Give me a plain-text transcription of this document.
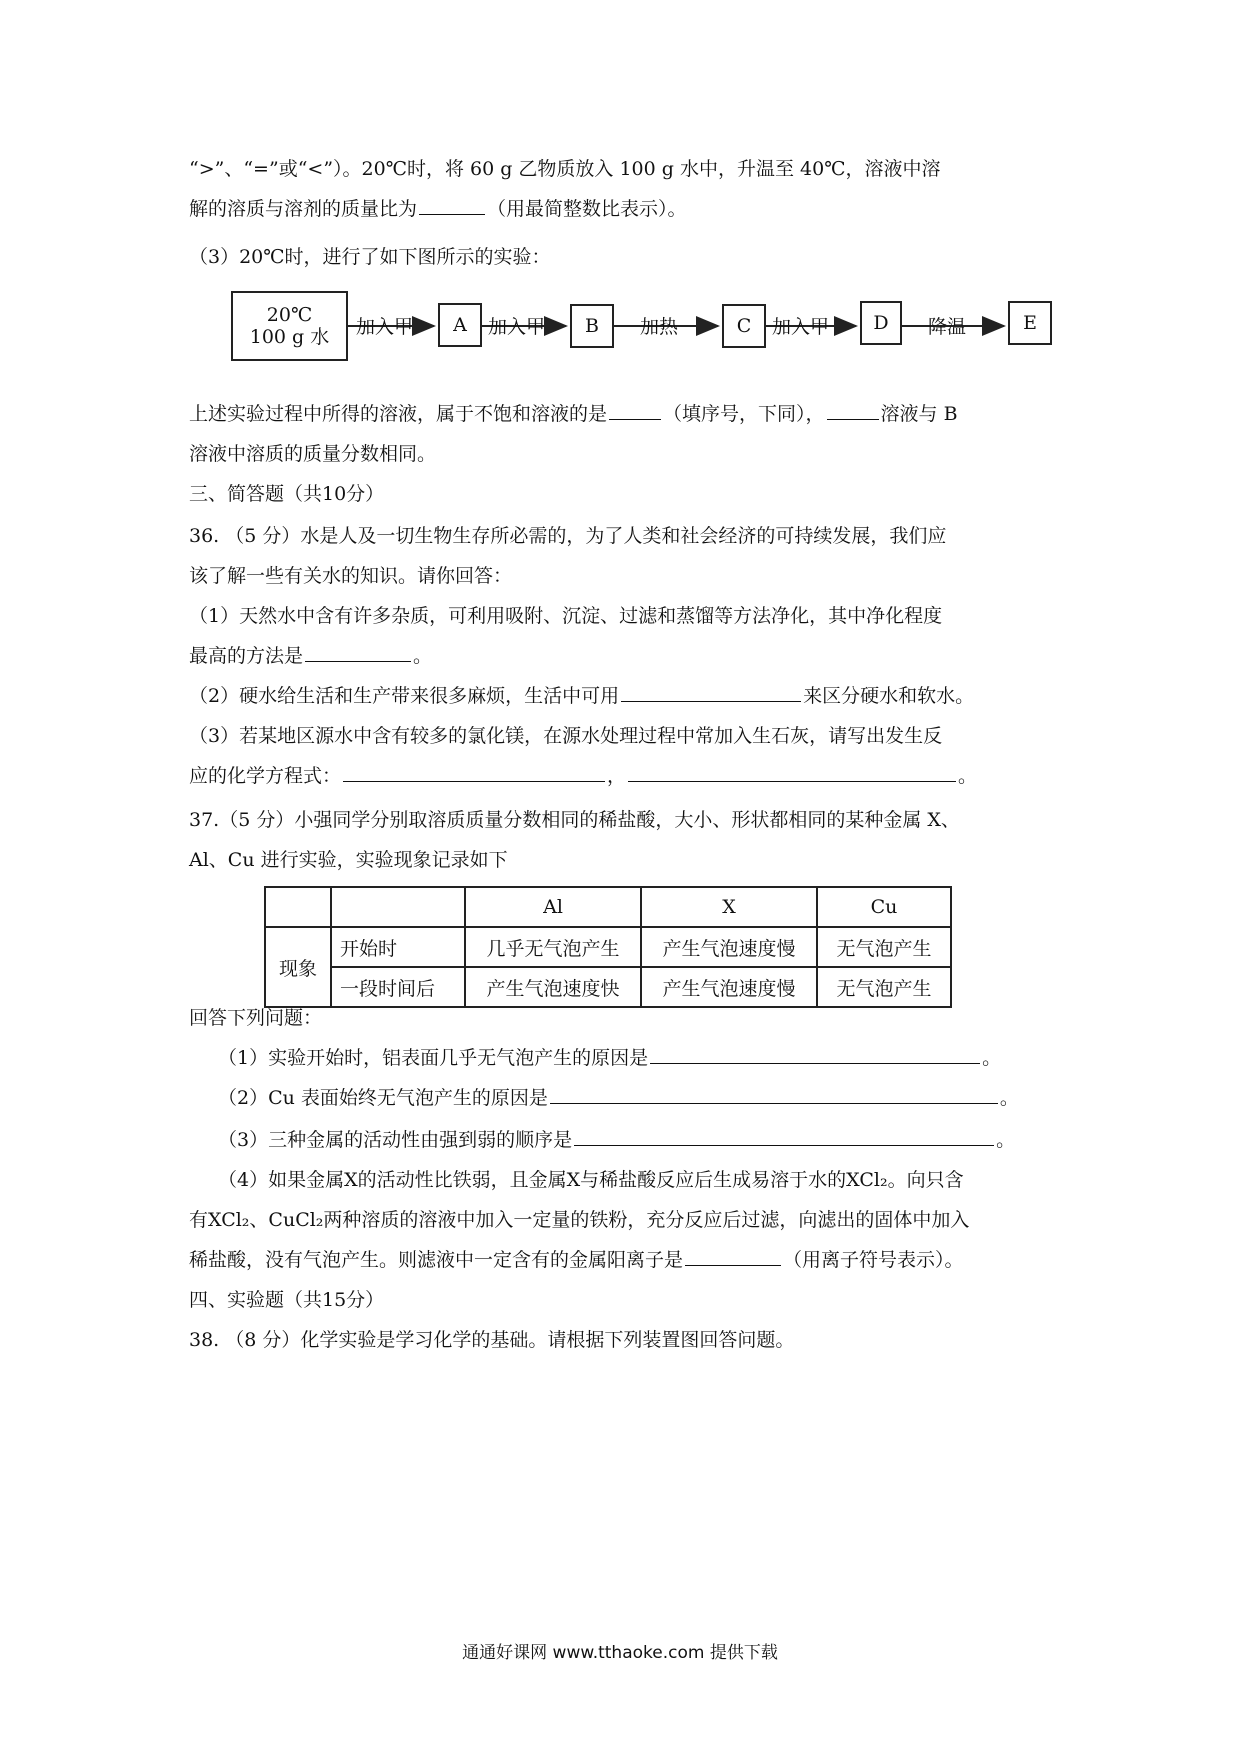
“>”、“=”或“<”）。20℃时，将 60 g 乙物质放入 100 g 水中，升温至 40℃，溶液中溶
解的溶质与溶剂的质量比为	（用最简整数比表示）。
（3）20℃时，进行了如下图所示的实验：
20℃
100 g 水
A	B	C	D	E
加入甲	加入甲	加热	加入甲	降温
上述实验过程中所得的溶液，属于不饱和溶液的是	（填序号，下同），	溶液与 B
溶液中溶质的质量分数相同。
三、简答题（共10分）
36. （5 分）水是人及一切生物生存所必需的，为了人类和社会经济的可持续发展，我们应
该了解一些有关水的知识。请你回答：
（1）天然水中含有许多杂质，可利用吸附、沉淀、过滤和蒸馏等方法净化，其中净化程度
最高的方法是	。
（2）硬水给生活和生产带来很多麻烦，生活中可用	来区分硬水和软水。
（3）若某地区源水中含有较多的氯化镁，在源水处理过程中常加入生石灰，请写出发生反
应的化学方程式：	，	。
37.（5 分）小强同学分别取溶质质量分数相同的稀盐酸，大小、形状都相同的某种金属 X、
Al、Cu 进行实验，实验现象记录如下
		Al	X	Cu
现象	开始时	几乎无气泡产生	产生气泡速度慢	无气泡产生
	一段时间后	产生气泡速度快	产生气泡速度慢	无气泡产生
回答下列问题：
（1）实验开始时，铝表面几乎无气泡产生的原因是	。
（2）Cu 表面始终无气泡产生的原因是	。
（3）三种金属的活动性由强到弱的顺序是	。
（4）如果金属X的活动性比铁弱，且金属X与稀盐酸反应后生成易溶于水的XCl₂。向只含
有XCl₂、CuCl₂两种溶质的溶液中加入一定量的铁粉，充分反应后过滤，向滤出的固体中加入
稀盐酸，没有气泡产生。则滤液中一定含有的金属阳离子是	（用离子符号表示）。
四、实验题（共15分）
38. （8 分）化学实验是学习化学的基础。请根据下列装置图回答问题。
通通好课网 www.tthaoke.com 提供下载
